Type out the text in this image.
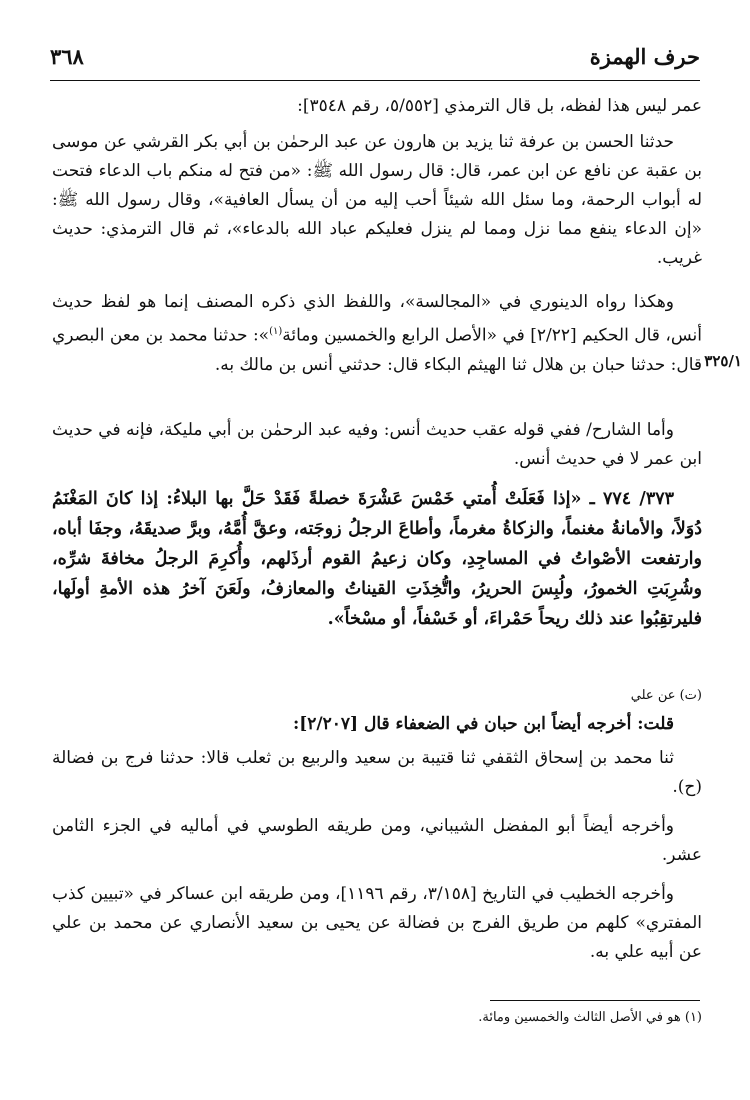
حرف الهمزة
٣٦٨

عمر ليس هذا لفظه، بل قال الترمذي [٥/٥٥٢، رقم ٣٥٤٨]:

حدثنا الحسن بن عرفة ثنا يزيد بن هارون عن عبد الرحمٰن بن أبي بكر القرشي عن موسى بن عقبة عن نافع عن ابن عمر، قال: قال رسول الله ﷺ: «من فتح له منكم باب الدعاء فتحت له أبواب الرحمة، وما سئل الله شيئاً أحب إليه من أن يسأل العافية»، وقال رسول الله ﷺ: «إن الدعاء ينفع مما نزل ومما لم ينزل فعليكم عباد الله بالدعاء»، ثم قال الترمذي: حديث غريب.

وهكذا رواه الدينوري في «المجالسة»، واللفظ الذي ذكره المصنف إنما هو لفظ حديث أنس، قال الحكيم [٢/٢٢] في «الأصل الرابع والخمسين ومائة$^{(١)}$»: حدثنا محمد بن معن البصري قال: حدثنا حبان بن هلال ثنا الهيثم البكاء قال: حدثني أنس بن مالك به. ٣٢٥/١

وأما الشارح/ ففي قوله عقب حديث أنس: وفيه عبد الرحمٰن بن أبي مليكة، فإنه في حديث ابن عمر لا في حديث أنس.

٣٧٣/ ٧٧٤ ـ «إذا فَعَلَتْ أُمتي خَمْسَ عَشْرَةَ خصلةً فَقَدْ حَلَّ بها البلاءُ: إذا كانَ المَغْنَمُ دُوَلاً، والأمانةُ مغنماً، والزكاةُ مغرماً، وأطاعَ الرجلُ زوجَته، وعقَّ أُمَّهُ، وبرَّ صديقَهُ، وجفَا أباه، وارتفعت الأصْواتُ في المساجِدِ، وكان زعيمُ القوم أرذَلهم، وأُكرِمَ الرجلُ مخافةَ شرِّه، وشُرِبَتِ الخمورُ، ولُبِسَ الحريرُ، واتُّخِذَتِ القيناتُ والمعازفُ، ولَعَنَ آخرُ هذه الأمةِ أولَها، فليرتقِبُوا عند ذلك ريحاً حَمْراءَ، أو خَسْفاً، أو مسْخاً».

(ت) عن علي

قلت: أخرجه أيضاً ابن حبان في الضعفاء قال [٢/٢٠٧]:

ثنا محمد بن إسحاق الثقفي ثنا قتيبة بن سعيد والربيع بن ثعلب قالا: حدثنا فرج بن فضالة (ح).

وأخرجه أيضاً أبو المفضل الشيباني، ومن طريقه الطوسي في أماليه في الجزء الثامن عشر.

وأخرجه الخطيب في التاريخ [٣/١٥٨، رقم ١١٩٦]، ومن طريقه ابن عساكر في «تبيين كذب المفتري» كلهم من طريق الفرج بن فضالة عن يحيى بن سعيد الأنصاري عن محمد بن علي عن أبيه علي به.

(١) هو في الأصل الثالث والخمسين ومائة.
